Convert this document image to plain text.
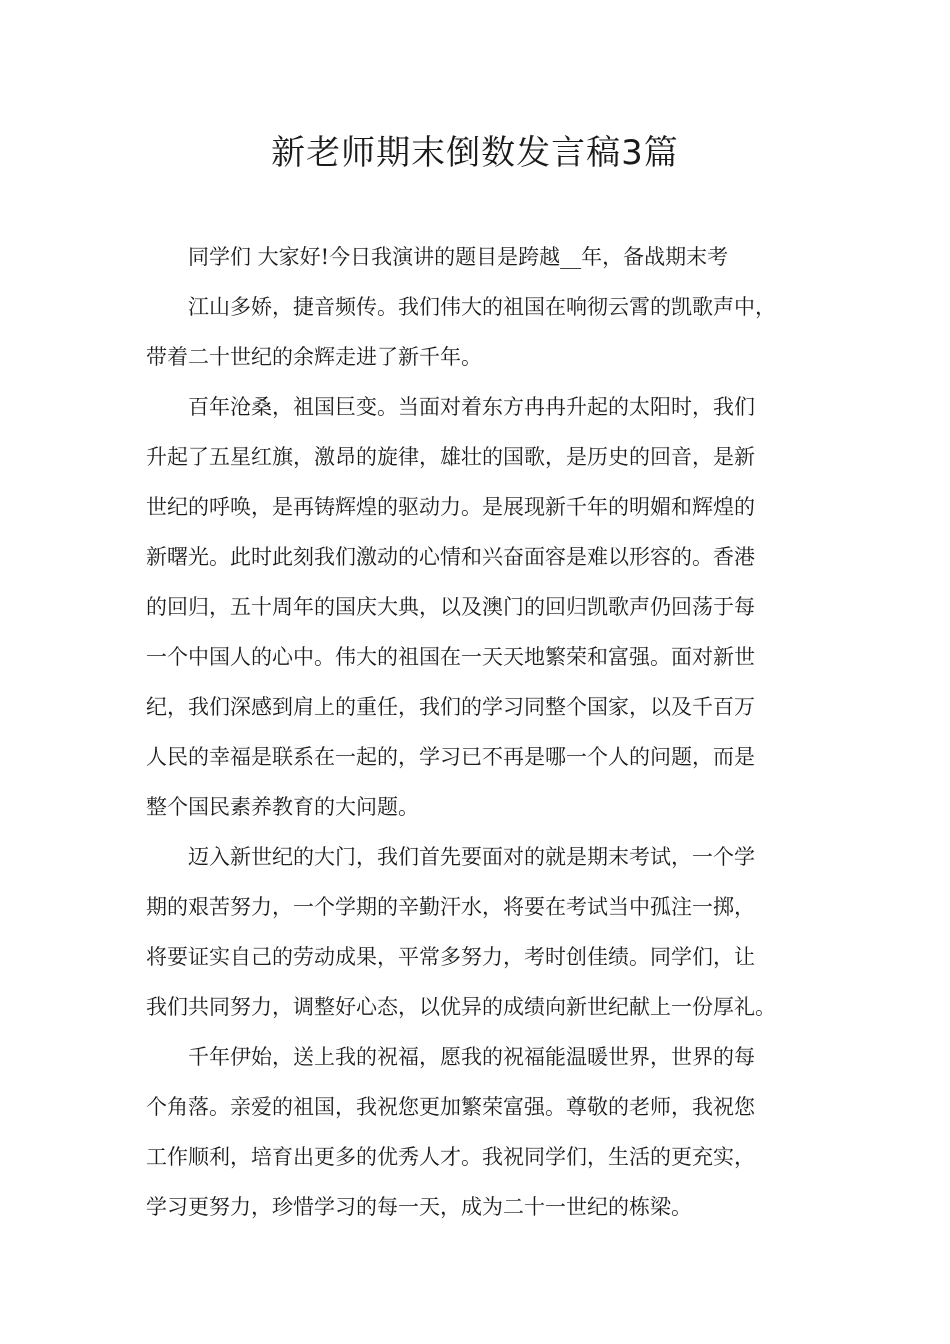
新老师期末倒数发言稿3篇
同学们 大家好!今日我演讲的题目是跨越__年，备战期末考
江山多娇，捷音频传。我们伟大的祖国在响彻云霄的凯歌声中，
带着二十世纪的余辉走进了新千年。
百年沧桑，祖国巨变。当面对着东方冉冉升起的太阳时，我们
升起了五星红旗，激昂的旋律，雄壮的国歌，是历史的回音，是新
世纪的呼唤，是再铸辉煌的驱动力。是展现新千年的明媚和辉煌的
新曙光。此时此刻我们激动的心情和兴奋面容是难以形容的。香港
的回归，五十周年的国庆大典，以及澳门的回归凯歌声仍回荡于每
一个中国人的心中。伟大的祖国在一天天地繁荣和富强。面对新世
纪，我们深感到肩上的重任，我们的学习同整个国家，以及千百万
人民的幸福是联系在一起的，学习已不再是哪一个人的问题，而是
整个国民素养教育的大问题。
迈入新世纪的大门，我们首先要面对的就是期末考试，一个学
期的艰苦努力，一个学期的辛勤汗水，将要在考试当中孤注一掷，
将要证实自己的劳动成果，平常多努力，考时创佳绩。同学们，让
我们共同努力，调整好心态，以优异的成绩向新世纪献上一份厚礼。
千年伊始，送上我的祝福，愿我的祝福能温暖世界，世界的每
个角落。亲爱的祖国，我祝您更加繁荣富强。尊敬的老师，我祝您
工作顺利，培育出更多的优秀人才。我祝同学们，生活的更充实，
学习更努力，珍惜学习的每一天，成为二十一世纪的栋梁。
